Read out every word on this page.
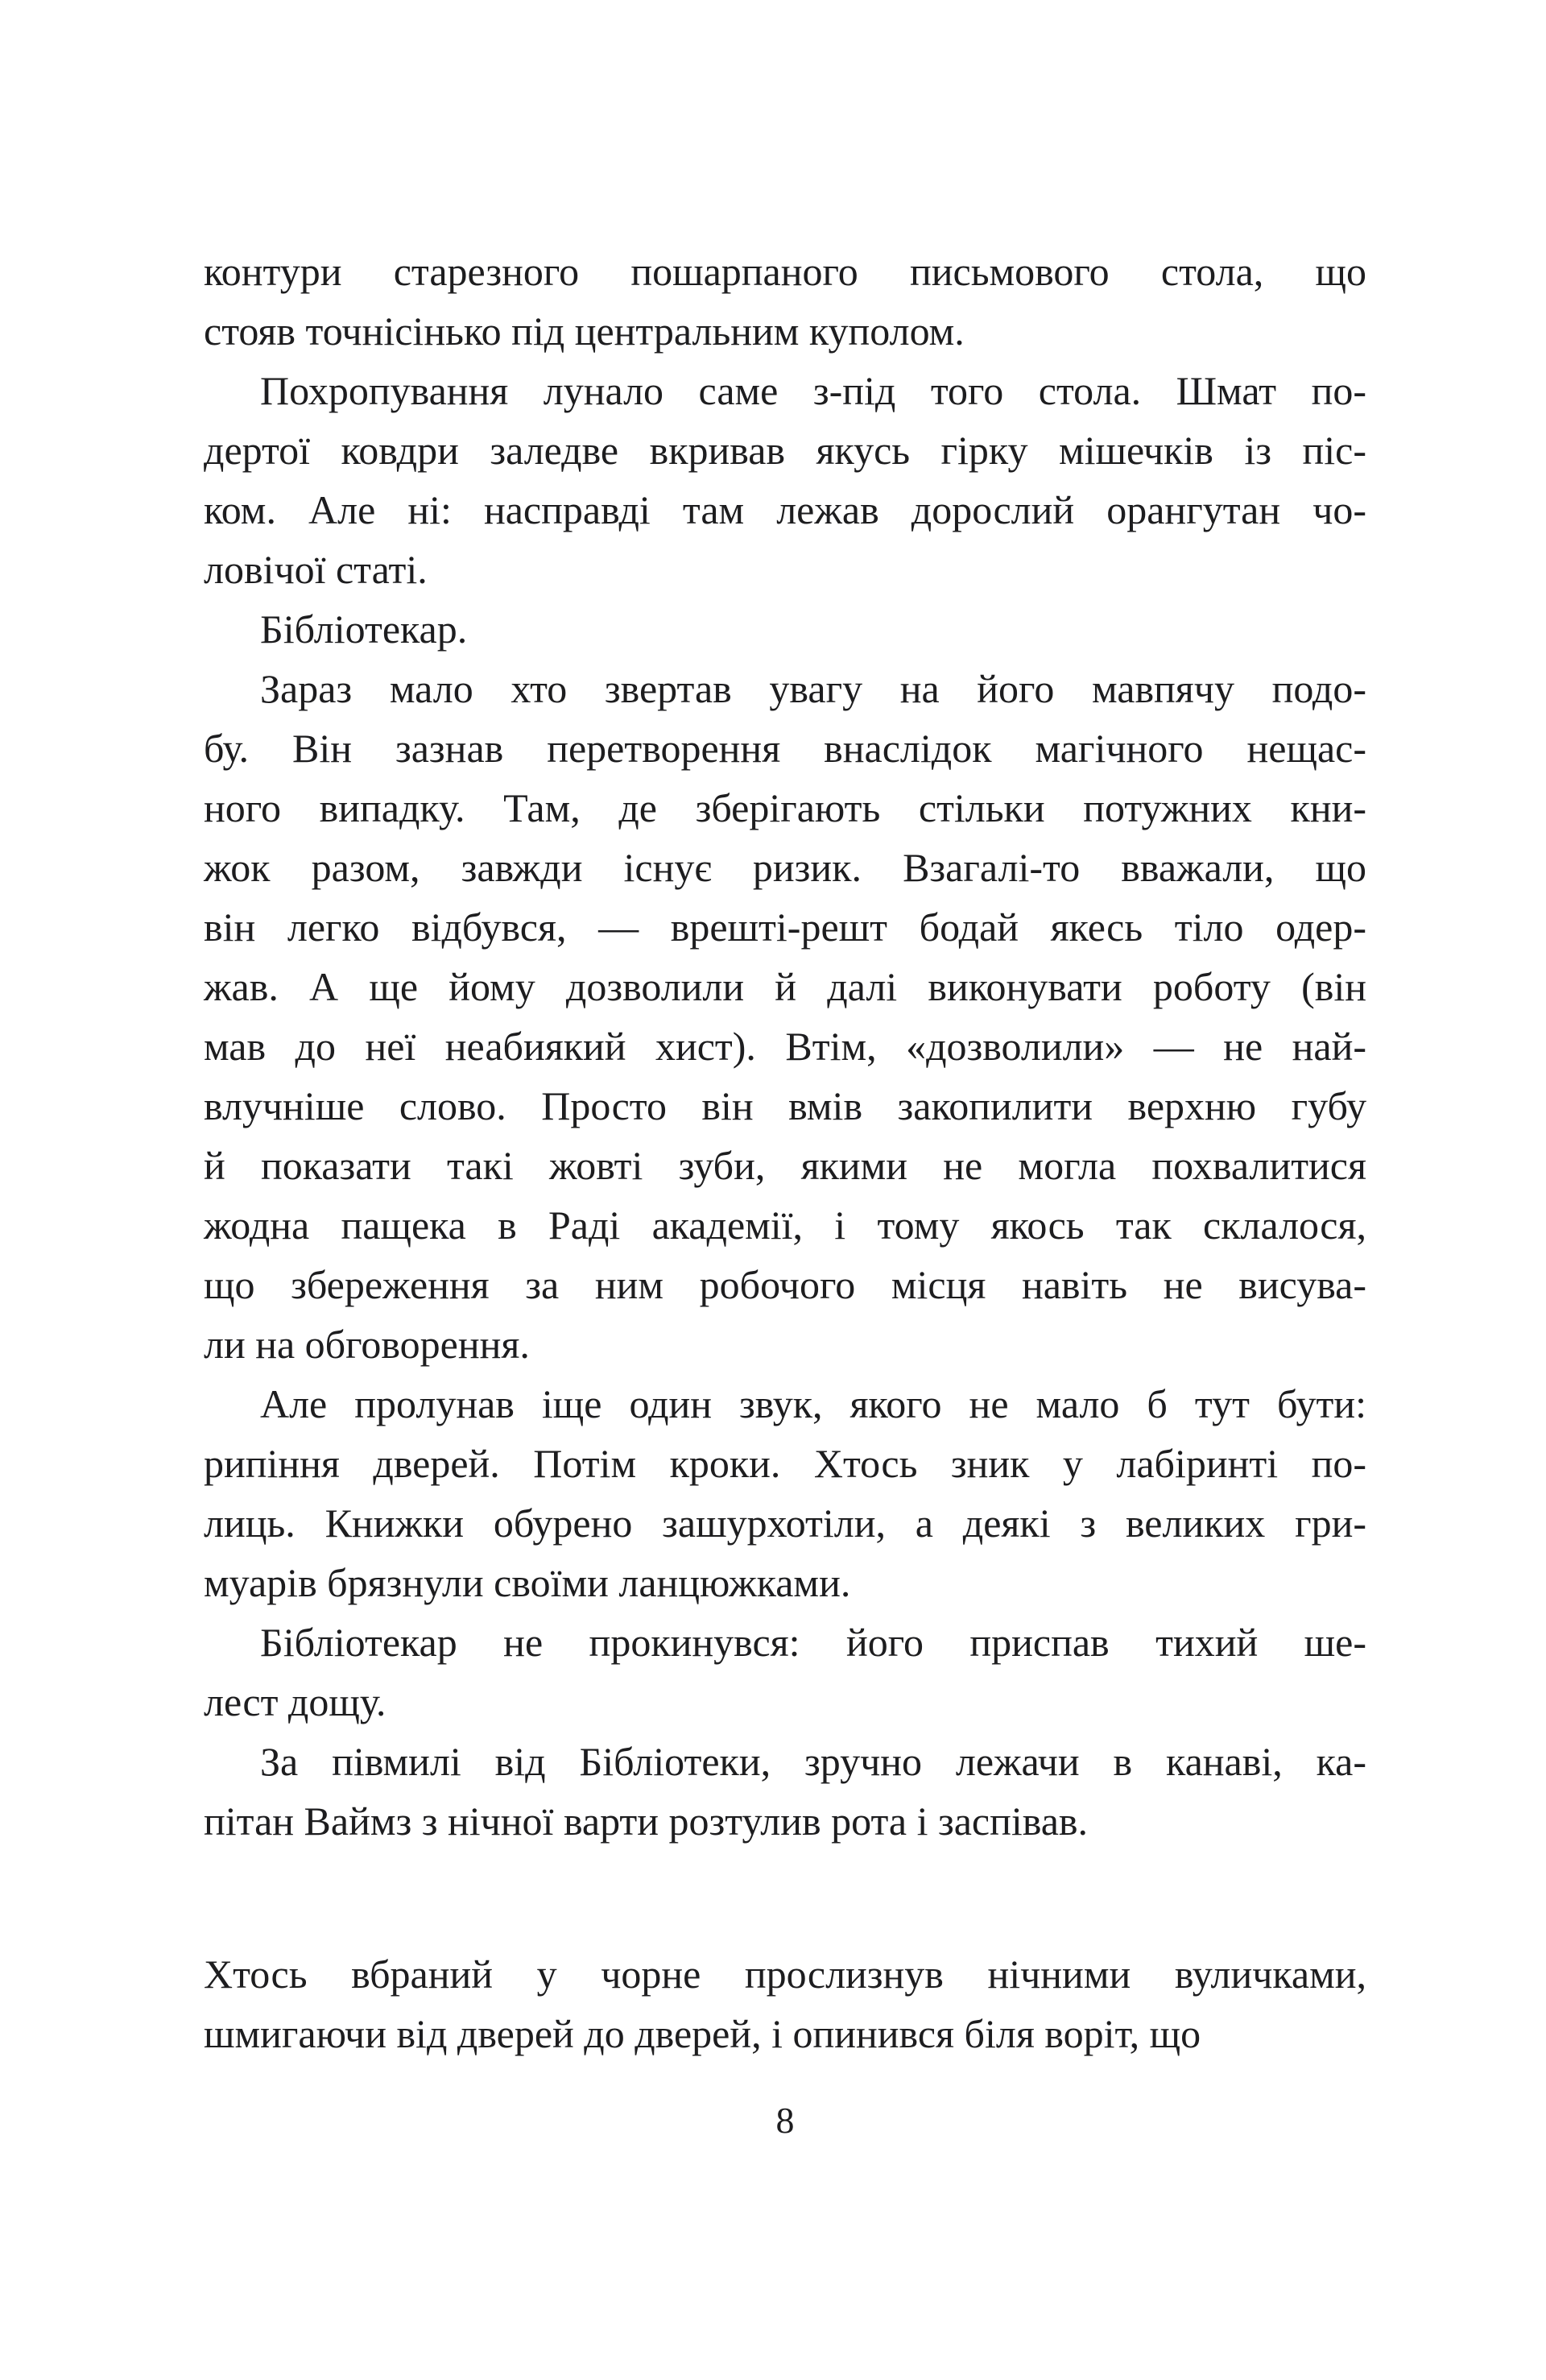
контури старезного пошарпаного письмового стола, що
стояв точнісінько під центральним куполом.

Похропування лунало саме з-під того стола. Шмат по-
дертої ковдри заледве вкривав якусь гірку мішечків із піс-
ком. Але ні: насправді там лежав дорослий орангутан чо-
ловічої статі.

Бібліотекар.

Зараз мало хто звертав увагу на його мавпячу подо-
бу. Він зазнав перетворення внаслідок магічного нещас-
ного випадку. Там, де зберігають стільки потужних кни-
жок разом, завжди існує ризик. Взагалі-то вважали, що
він легко відбувся, — врешті-решт бодай якесь тіло одер-
жав. А ще йому дозволили й далі виконувати роботу (він
мав до неї неабиякий хист). Втім, «дозволили» — не най-
влучніше слово. Просто він вмів закопилити верхню губу
й показати такі жовті зуби, якими не могла похвалитися
жодна пащека в Раді академії, і тому якось так склалося,
що збереження за ним робочого місця навіть не висува-
ли на обговорення.

Але пролунав іще один звук, якого не мало б тут бути:
рипіння дверей. Потім кроки. Хтось зник у лабіринті по-
лиць. Книжки обурено зашурхотіли, а деякі з великих гри-
муарів брязнули своїми ланцюжками.

Бібліотекар не прокинувся: його приспав тихий ше-
лест дощу.

За півмилі від Бібліотеки, зручно лежачи в канаві, ка-
пітан Ваймз з нічної варти розтулив рота і заспівав.

Хтось вбраний у чорне прослизнув нічними вуличками,
шмигаючи від дверей до дверей, і опинився біля воріт, що

8
